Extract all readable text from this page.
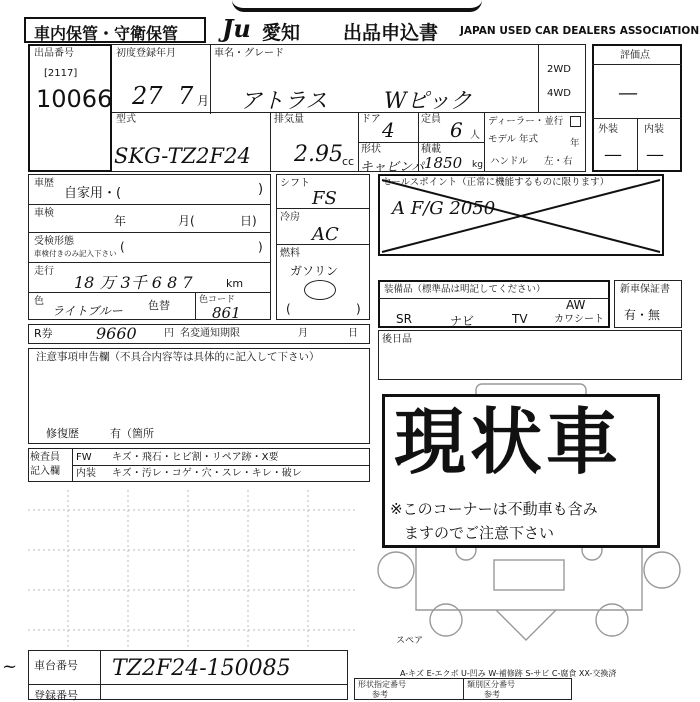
車内保管・守衛保管 Ju 愛知 出品申込書 JAPAN USED CAR DEALERS ASSOCIATION
出品番号
[2117]
10066
初度登録年月
27 7 月
車名・グレード
アトラス	Wピック
2WD
4WD
型式
SKG-TZ2F24
排気量
2.95 cc
ドア 4	定員 6 人
形状
キャビンパ
積載
1850 kg
ディーラー・並行
モデル 年式	年
ハンドル 左・右
評価点
—
外装	内装
— —
車歴
自家用・(	)
車検
年	月(	日)
受検形態
車検付きのみ記入下さい (	)
走行
18 万 3千 6 8 7	km
色
ライトブルー 色替	色コード
861
シフト
FS
冷房
AC
燃料
ガソリン
(	)
セールスポイント（正常に機能するものに限ります）
A F/G 2050
装備品（標準品は明記してください）
SR	ナビ	TV
AW
カワシート
新車保証書
有・無
R券	9660	円 名変通知期限	月	日
後日品
注意事項申告欄（不具合内容等は具体的に記入して下さい）
修復歴	有（箇所
検査員
記入欄
FW キズ・飛石・ヒビ割・リペア跡・X要
内装 キズ・汚レ・コゲ・穴・スレ・キレ・破レ 現状車
※このコーナーは不動車も含み
ますのでご注意下さい
スペア
A-キズ E-エクボ U-凹み W-補修跡 S-サビ C-腐食 XX-交換済
~ 車台番号 TZ2F24-150085
登録番号
形状指定番号
参考
類別区分番号
参考
